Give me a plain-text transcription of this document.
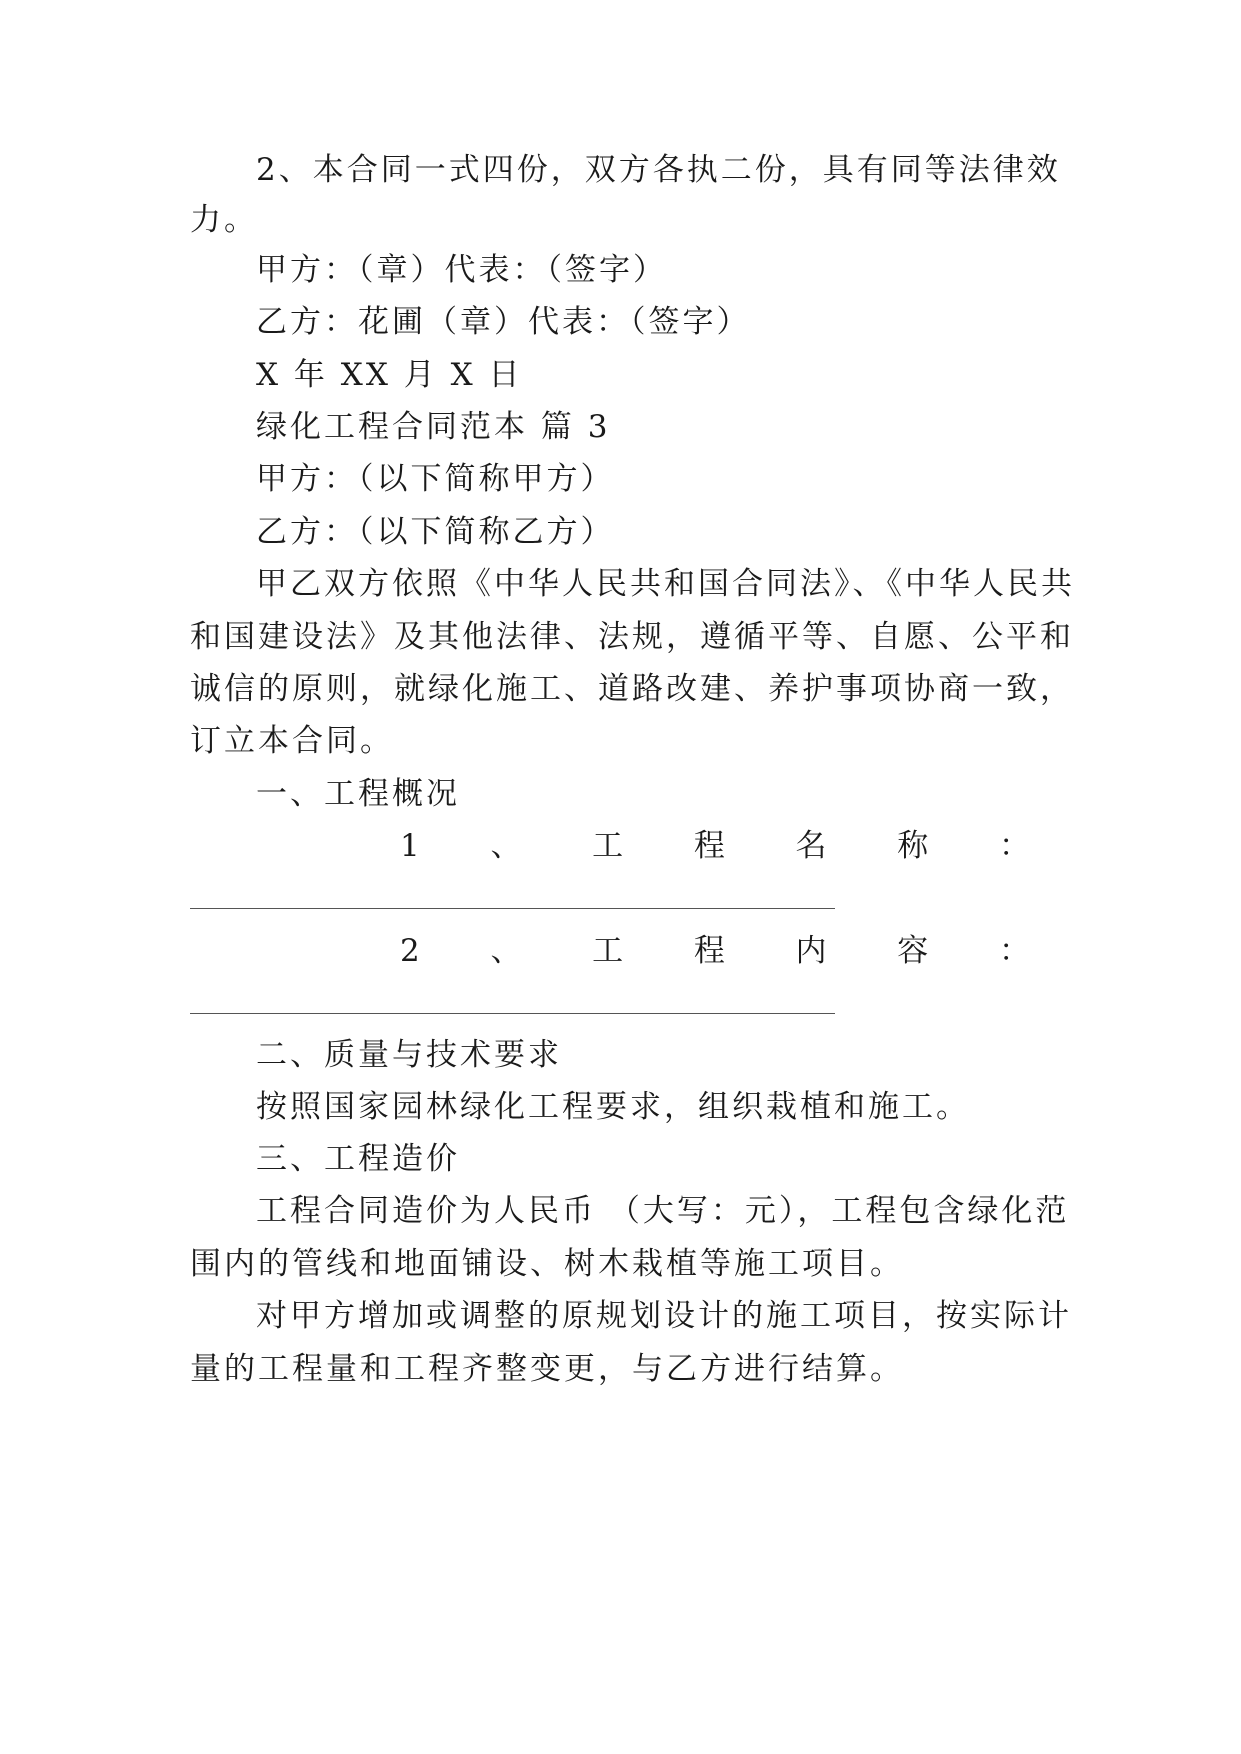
2、本合同一式四份，双方各执二份，具有同等法律效
力。
甲方：（章）代表：（签字）
乙方：花圃（章）代表：（签字）
X 年 XX 月 X 日
绿化工程合同范本 篇 3
甲方：（以下简称甲方）
乙方：（以下简称乙方）
甲乙双方依照《中华人民共和国合同法》、《中华人民共
和国建设法》及其他法律、法规，遵循平等、自愿、公平和
诚信的原则，就绿化施工、道路改建、养护事项协商一致，
订立本合同。
一、工程概况
1 、 工 程 名 称 ：
2 、 工 程 内 容 ：
二、质量与技术要求
按照国家园林绿化工程要求，组织栽植和施工。
三、工程造价
工程合同造价为人民币 （大写：元），工程包含绿化范
围内的管线和地面铺设、树木栽植等施工项目。
对甲方增加或调整的原规划设计的施工项目，按实际计
量的工程量和工程齐整变更，与乙方进行结算。
